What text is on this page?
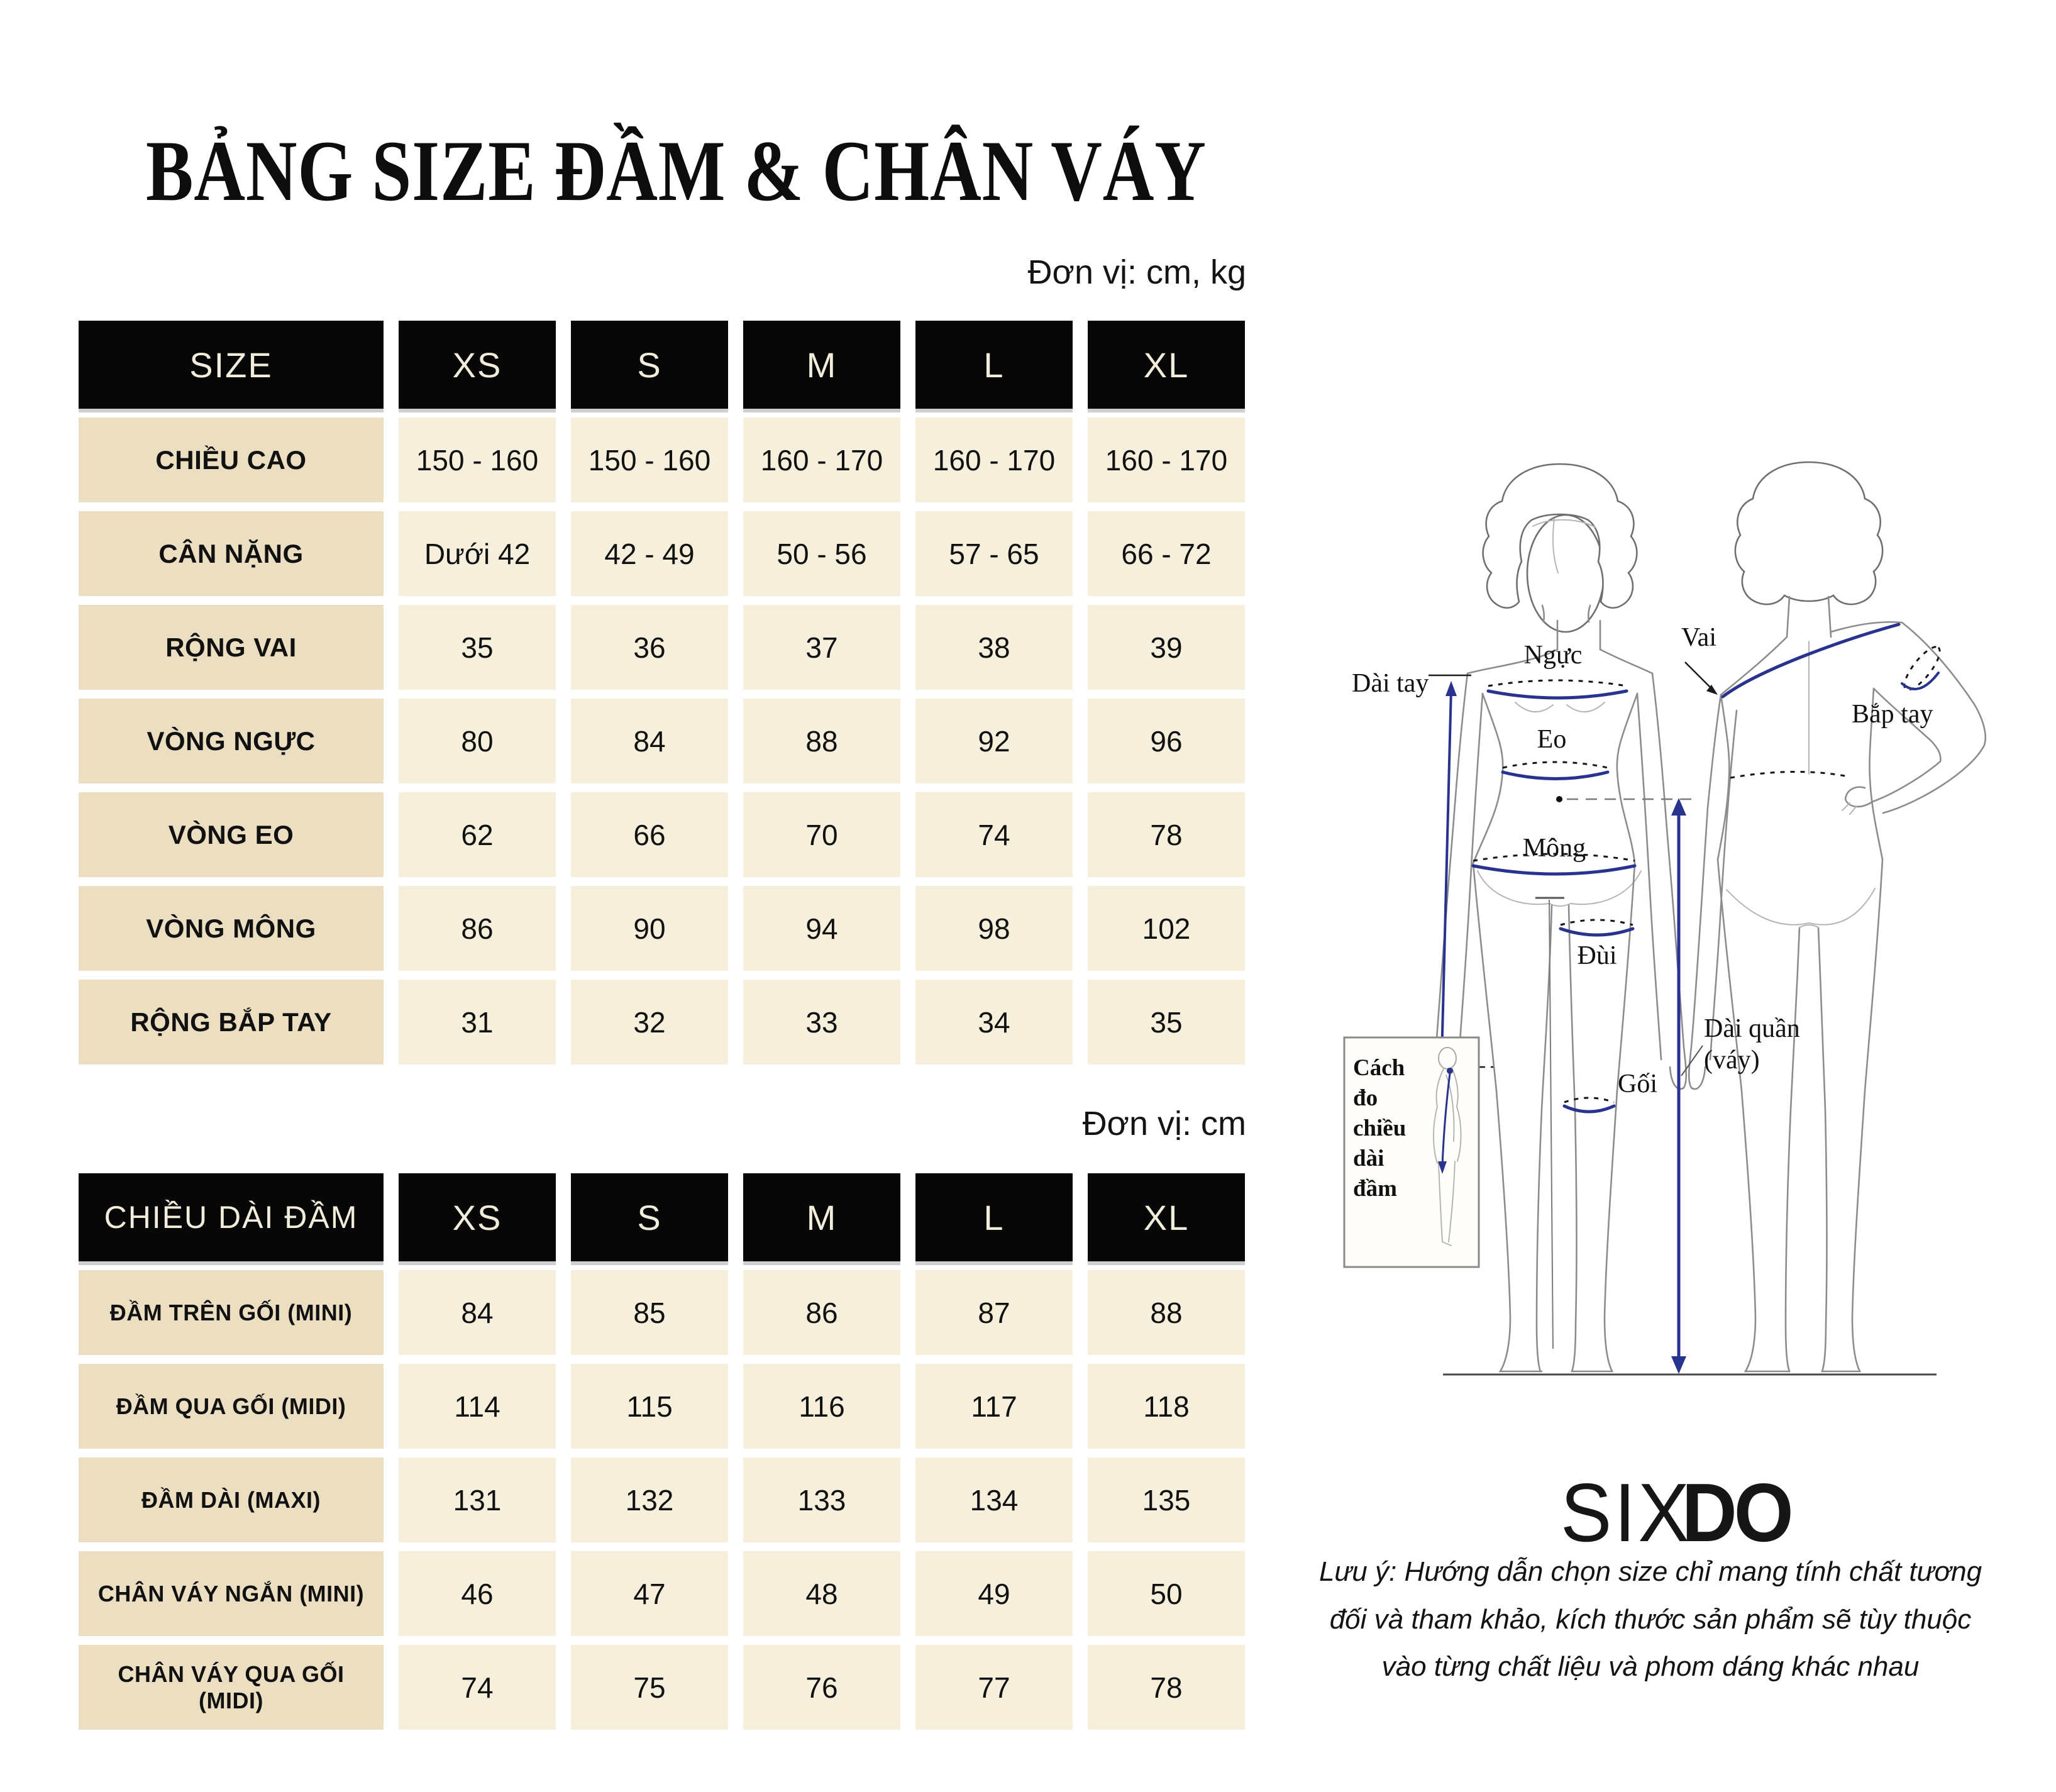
BẢNG SIZE ĐẦM & CHÂN VÁY
Đơn vị: cm, kg
SIZE	XS	S	M	L	XL
CHIỀU CAO	150 - 160	150 - 160	160 - 170	160 - 170	160 - 170
CÂN NẶNG	Dưới 42	42 - 49	50 - 56	57 - 65	66 - 72
RỘNG VAI	35	36	37	38	39
VÒNG NGỰC	80	84	88	92	96
VÒNG EO	62	66	70	74	78
VÒNG MÔNG	86	90	94	98	102
RỘNG BẮP TAY	31	32	33	34	35
Đơn vị: cm
CHIỀU DÀI ĐẦM	XS	S	M	L	XL
ĐẦM TRÊN GỐI (MINI)	84	85	86	87	88
ĐẦM QUA GỐI (MIDI)	114	115	116	117	118
ĐẦM DÀI (MAXI)	131	132	133	134	135
CHÂN VÁY NGẮN (MINI)	46	47	48	49	50
CHÂN VÁY QUA GỐI (MIDI)	74	75	76	77	78
Dài tay
Ngực
Eo
Mông
Vai
Bắp tay
Đùi
Gối
Dài quần
(váy)
Cách
đo
chiều
dài
đầm
SIXDO
Lưu ý: Hướng dẫn chọn size chỉ mang tính chất tương
đối và tham khảo, kích thước sản phẩm sẽ tùy thuộc
vào từng chất liệu và phom dáng khác nhau
